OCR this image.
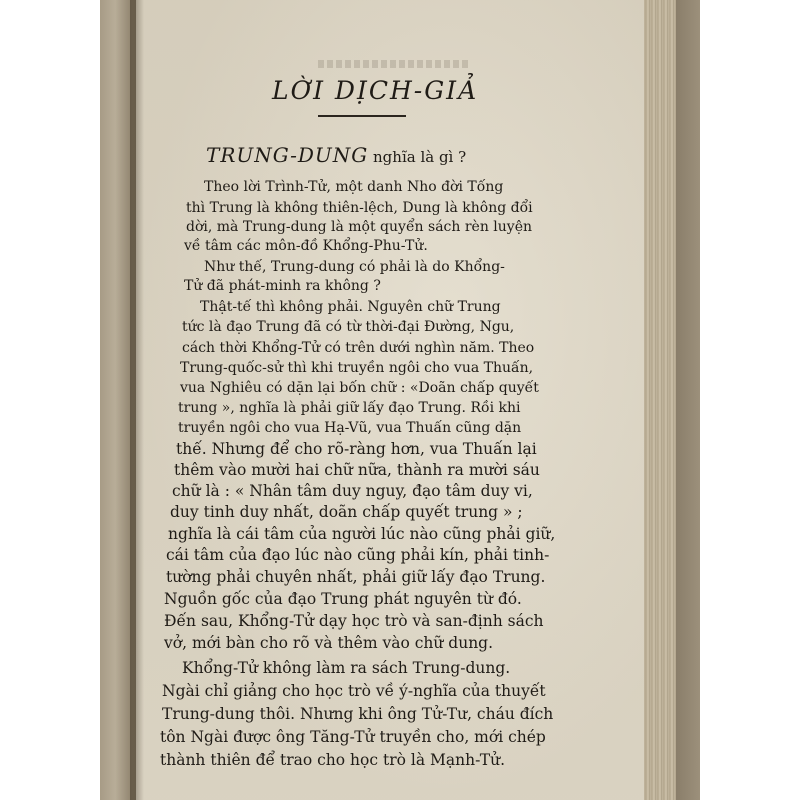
LỜI DỊCH-GIẢ
TRUNG-DUNG nghĩa là gì ?
Theo lời Trình-Tử, một danh Nho đời Tống
thì Trung là không thiên-lệch, Dung là không đổi
dời, mà Trung-dung là một quyển sách rèn luyện
về tâm các môn-đồ Khổng-Phu-Tử.
Như thế, Trung-dung có phải là do Khổng-
Tử đã phát-minh ra không ?
Thật-tế thì không phải. Nguyên chữ Trung
tức là đạo Trung đã có từ thời-đại Đường, Ngu,
cách thời Khổng-Tử có trên dưới nghìn năm. Theo
Trung-quốc-sử thì khi truyền ngôi cho vua Thuấn,
vua Nghiêu có dặn lại bốn chữ : «Doãn chấp quyết
trung », nghĩa là phải giữ lấy đạo Trung. Rồi khi
truyền ngôi cho vua Hạ-Vũ, vua Thuấn cũng dặn
thế. Nhưng để cho rõ-ràng hơn, vua Thuấn lại
thêm vào mười hai chữ nữa, thành ra mười sáu
chữ là : « Nhân tâm duy nguy, đạo tâm duy vi,
duy tinh duy nhất, doãn chấp quyết trung » ;
nghĩa là cái tâm của người lúc nào cũng phải giữ,
cái tâm của đạo lúc nào cũng phải kín, phải tinh-
tường phải chuyên nhất, phải giữ lấy đạo Trung.
Nguồn gốc của đạo Trung phát nguyên từ đó.
Đến sau, Khổng-Tử dạy học trò và san-định sách
vở, mới bàn cho rõ và thêm vào chữ dung.
Khổng-Tử không làm ra sách Trung-dung.
Ngài chỉ giảng cho học trò về ý-nghĩa của thuyết
Trung-dung thôi. Nhưng khi ông Tử-Tư, cháu đích
tôn Ngài được ông Tăng-Tử truyền cho, mới chép
thành thiên để trao cho học trò là Mạnh-Tử.
